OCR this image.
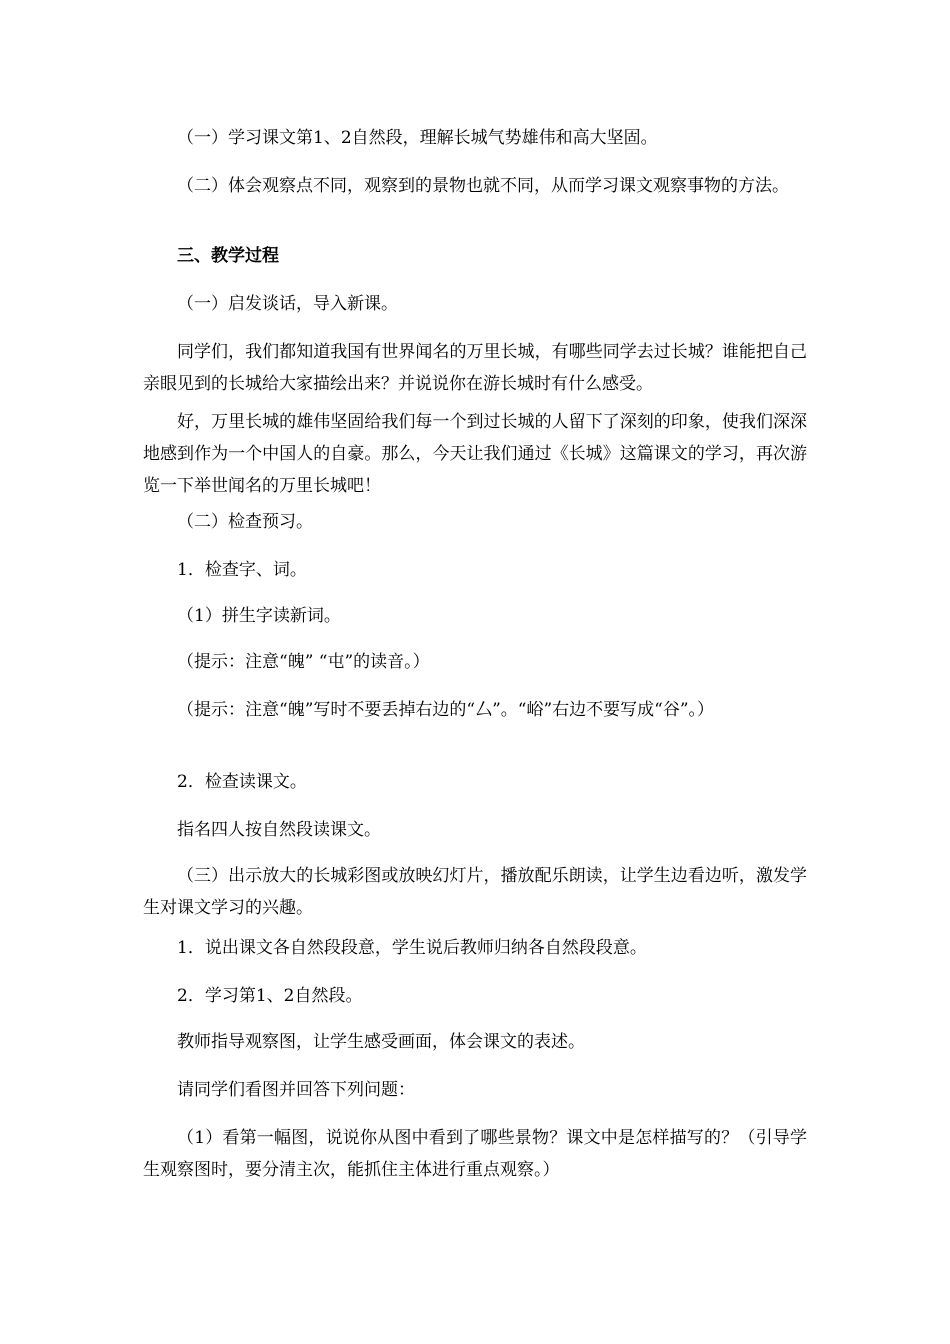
（一）学习课文第1、2自然段，理解长城气势雄伟和高大坚固。

（二）体会观察点不同，观察到的景物也就不同，从而学习课文观察事物的方法。

三、教学过程

（一）启发谈话，导入新课。

同学们，我们都知道我国有世界闻名的万里长城，有哪些同学去过长城？谁能把自己亲眼见到的长城给大家描绘出来？并说说你在游长城时有什么感受。

好，万里长城的雄伟坚固给我们每一个到过长城的人留下了深刻的印象，使我们深深地感到作为一个中国人的自豪。那么，今天让我们通过《长城》这篇课文的学习，再次游览一下举世闻名的万里长城吧！

（二）检查预习。

1．检查字、词。

（1）拼生字读新词。

（提示：注意“魄” “屯”的读音。）

（提示：注意“魄”写时不要丢掉右边的“厶”。“峪”右边不要写成“谷”。）

2．检查读课文。

指名四人按自然段读课文。

（三）出示放大的长城彩图或放映幻灯片，播放配乐朗读，让学生边看边听，激发学生对课文学习的兴趣。

1．说出课文各自然段段意，学生说后教师归纳各自然段段意。

2．学习第1、2自然段。

教师指导观察图，让学生感受画面，体会课文的表述。

请同学们看图并回答下列问题：

（1）看第一幅图，说说你从图中看到了哪些景物？课文中是怎样描写的？（引导学生观察图时，要分清主次，能抓住主体进行重点观察。）
